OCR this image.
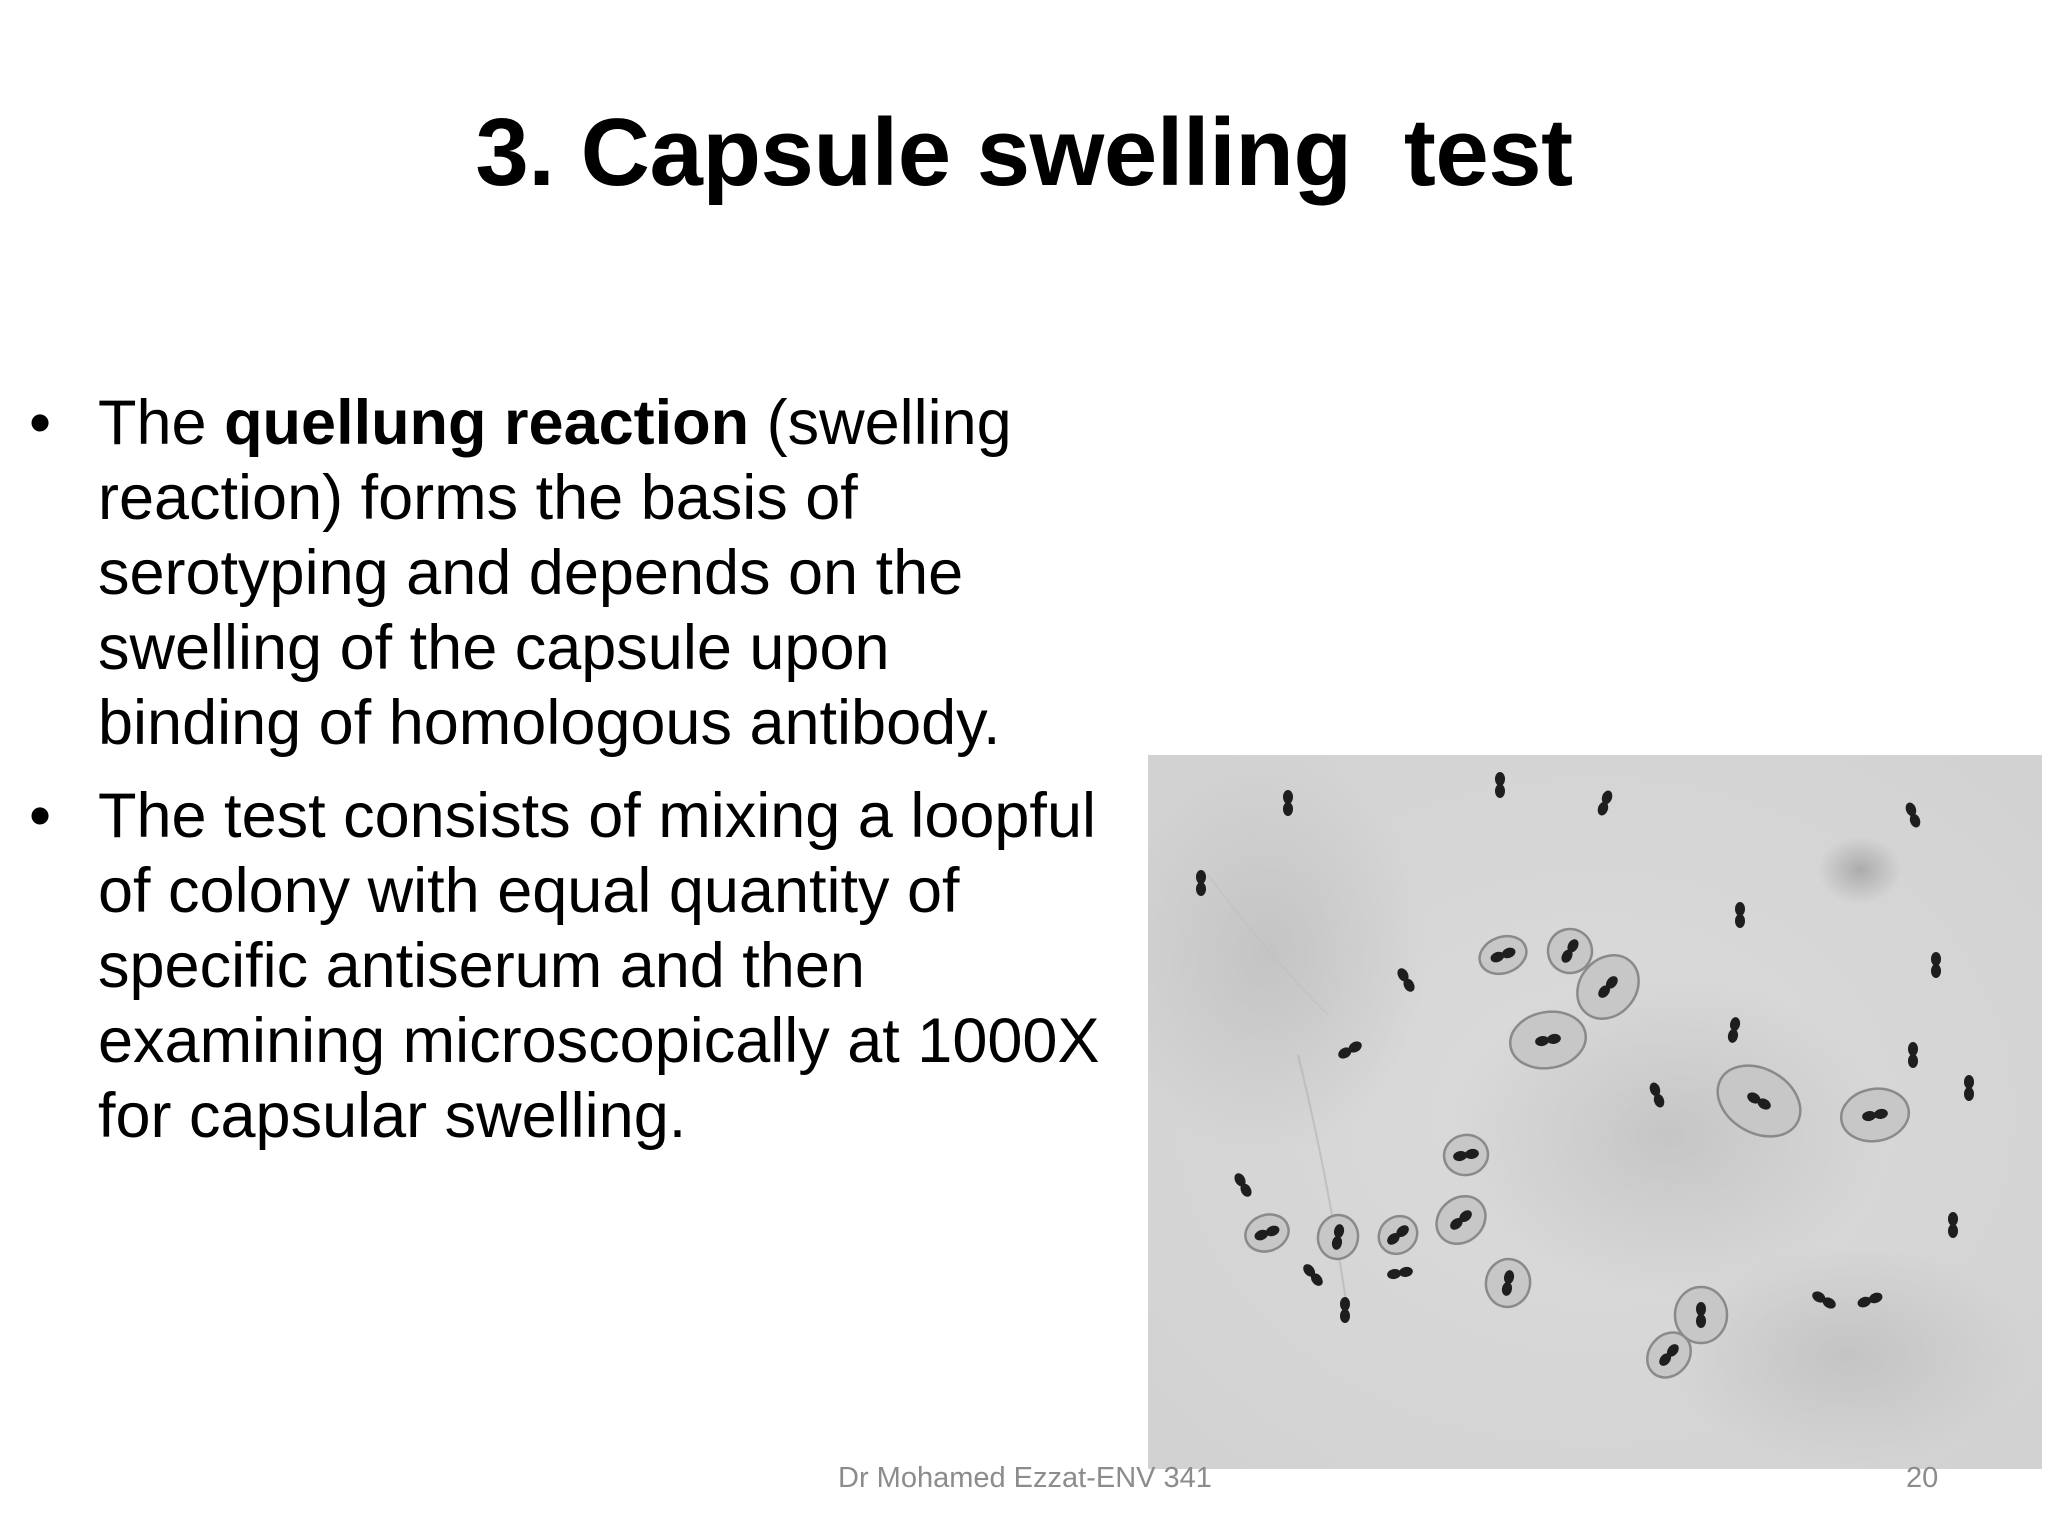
3. Capsule swelling  test
• The quellung reaction (swelling reaction) forms the basis of serotyping and depends on the swelling of the capsule upon binding of homologous antibody.
• The test consists of mixing a loopful of colony with equal quantity of specific antiserum and then examining microscopically at 1000X for capsular swelling.
Dr Mohamed Ezzat-ENV 341	20
